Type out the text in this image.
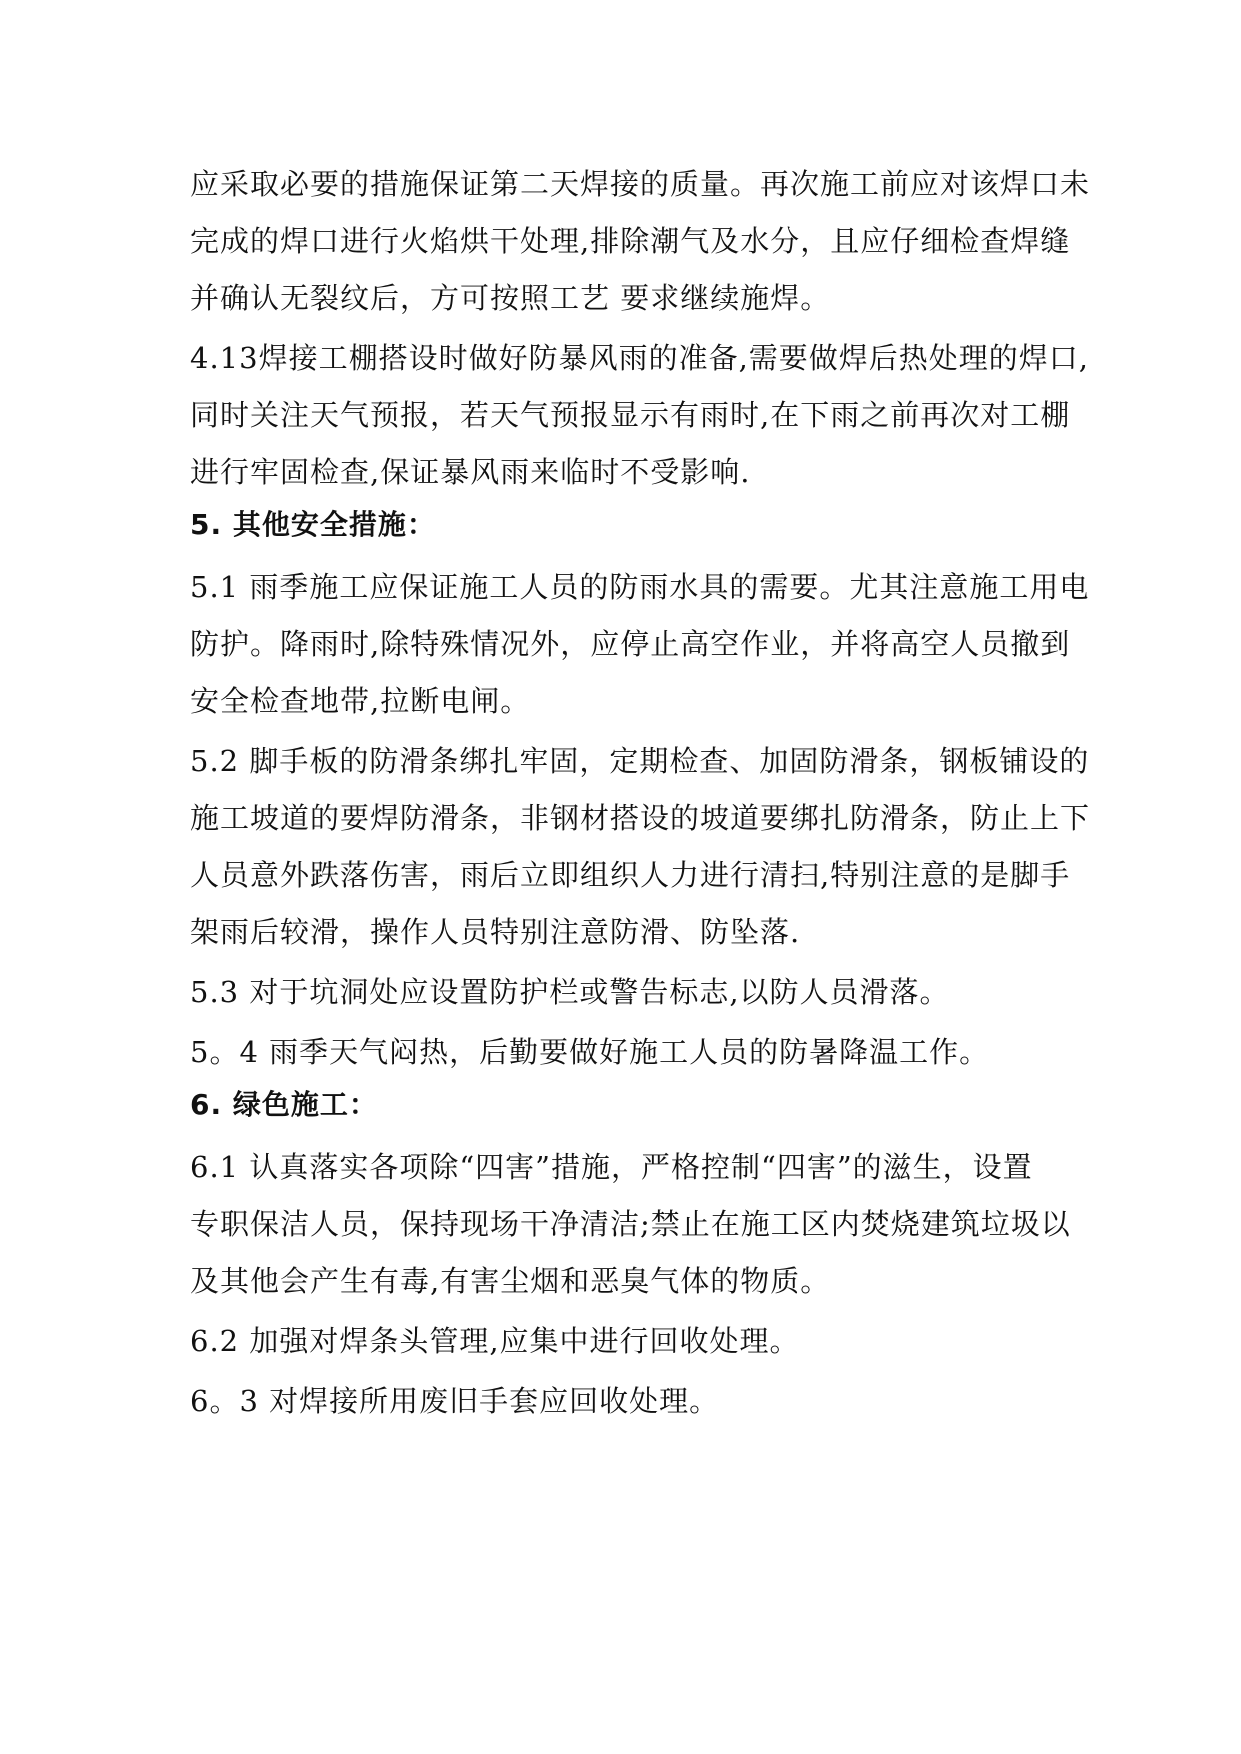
应采取必要的措施保证第二天焊接的质量。再次施工前应对该焊口未

完成的焊口进行火焰烘干处理,排除潮气及水分，且应仔细检查焊缝

并确认无裂纹后，方可按照工艺 要求继续施焊。

4.13焊接工棚搭设时做好防暴风雨的准备,需要做焊后热处理的焊口,

同时关注天气预报，若天气预报显示有雨时,在下雨之前再次对工棚

进行牢固检查,保证暴风雨来临时不受影响.

5. 其他安全措施：

5.1 雨季施工应保证施工人员的防雨水具的需要。尤其注意施工用电

防护。降雨时,除特殊情况外，应停止高空作业，并将高空人员撤到

安全检查地带,拉断电闸。

5.2 脚手板的防滑条绑扎牢固，定期检查、加固防滑条，钢板铺设的

施工坡道的要焊防滑条，非钢材搭设的坡道要绑扎防滑条，防止上下

人员意外跌落伤害，雨后立即组织人力进行清扫,特别注意的是脚手

架雨后较滑，操作人员特别注意防滑、防坠落.

5.3 对于坑洞处应设置防护栏或警告标志,以防人员滑落。

5。4 雨季天气闷热，后勤要做好施工人员的防暑降温工作。

6. 绿色施工：

6.1 认真落实各项除“四害”措施，严格控制“四害”的滋生，设置

专职保洁人员，保持现场干净清洁;禁止在施工区内焚烧建筑垃圾以

及其他会产生有毒,有害尘烟和恶臭气体的物质。

6.2 加强对焊条头管理,应集中进行回收处理。

6。3 对焊接所用废旧手套应回收处理。
